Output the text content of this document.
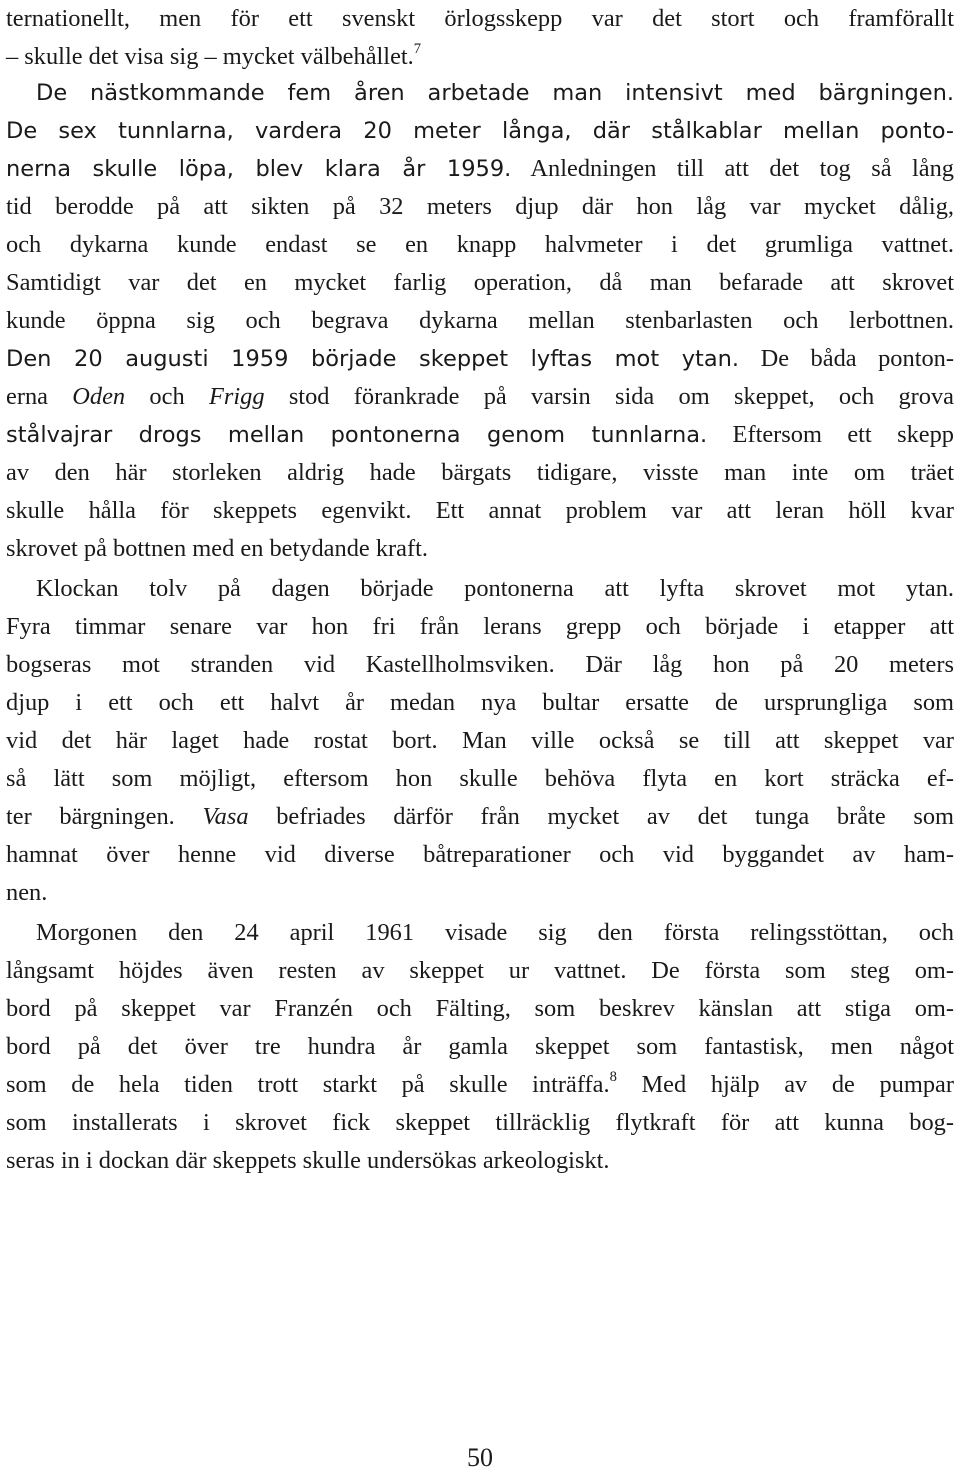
ternationellt, men för ett svenskt örlogsskepp var det stort och framförallt
– skulle det visa sig – mycket välbehållet.$^7$
De nästkommande fem åren arbetade man intensivt med bärgningen.
De sex tunnlarna, vardera 20 meter långa, där stålkablar mellan ponto-
nerna skulle löpa, blev klara år 1959. Anledningen till att det tog så lång
tid berodde på att sikten på 32 meters djup där hon låg var mycket dålig,
och dykarna kunde endast se en knapp halvmeter i det grumliga vattnet.
Samtidigt var det en mycket farlig operation, då man befarade att skrovet
kunde öppna sig och begrava dykarna mellan stenbarlasten och lerbottnen.
Den 20 augusti 1959 började skeppet lyftas mot ytan. De båda ponton-
erna Oden och Frigg stod förankrade på varsin sida om skeppet, och grova
stålvajrar drogs mellan pontonerna genom tunnlarna. Eftersom ett skepp
av den här storleken aldrig hade bärgats tidigare, visste man inte om träet
skulle hålla för skeppets egenvikt. Ett annat problem var att leran höll kvar
skrovet på bottnen med en betydande kraft.
Klockan tolv på dagen började pontonerna att lyfta skrovet mot ytan.
Fyra timmar senare var hon fri från lerans grepp och började i etapper att
bogseras mot stranden vid Kastellholmsviken. Där låg hon på 20 meters
djup i ett och ett halvt år medan nya bultar ersatte de ursprungliga som
vid det här laget hade rostat bort. Man ville också se till att skeppet var
så lätt som möjligt, eftersom hon skulle behöva flyta en kort sträcka ef-
ter bärgningen. Vasa befriades därför från mycket av det tunga bråte som
hamnat över henne vid diverse båtreparationer och vid byggandet av ham-
nen.
Morgonen den 24 april 1961 visade sig den första relingsstöttan, och
långsamt höjdes även resten av skeppet ur vattnet. De första som steg om-
bord på skeppet var Franzén och Fälting, som beskrev känslan att stiga om-
bord på det över tre hundra år gamla skeppet som fantastisk, men något
som de hela tiden trott starkt på skulle inträffa.$^8$ Med hjälp av de pumpar
som installerats i skrovet fick skeppet tillräcklig flytkraft för att kunna bog-
seras in i dockan där skeppets skulle undersökas arkeologiskt.
50
